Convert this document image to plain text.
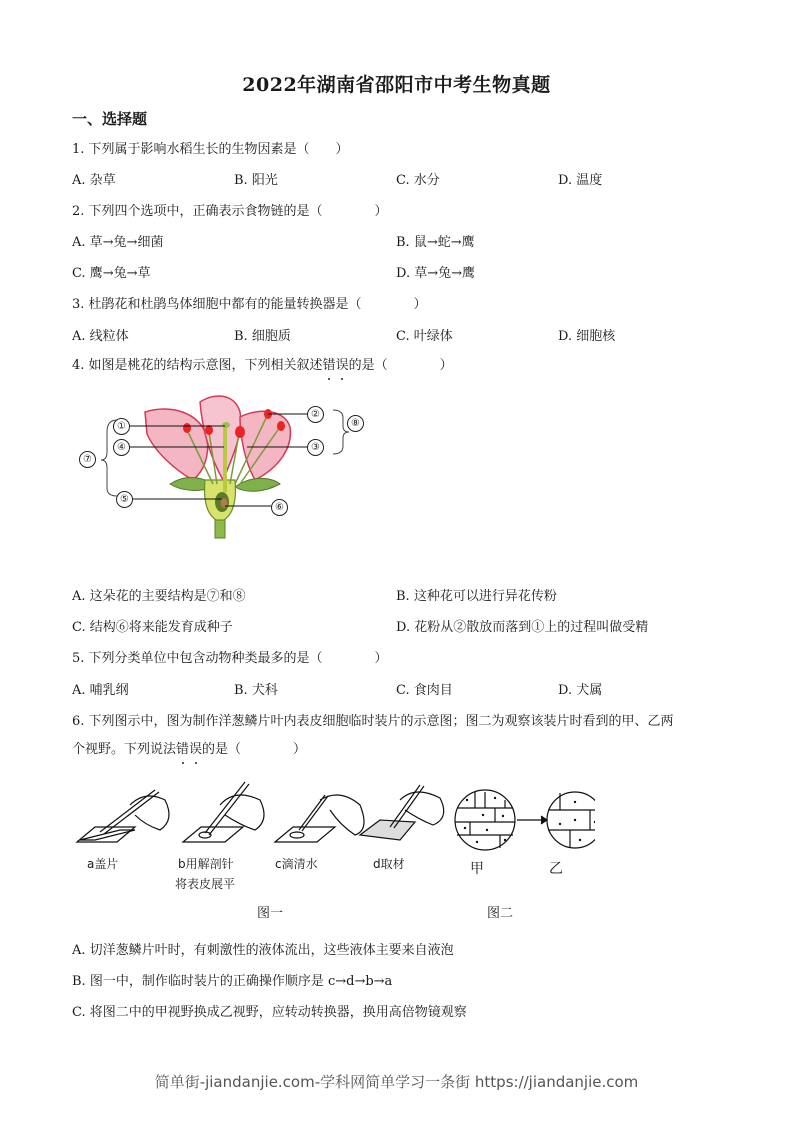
2022年湖南省邵阳市中考生物真题
一、选择题
1. 下列属于影响水稻生长的生物因素是（　　）
A. 杂草	B. 阳光	C. 水分	D. 温度
2. 下列四个选项中，正确表示食物链的是（　　　　）
A. 草→兔→细菌	B. 鼠→蛇→鹰
C. 鹰→兔→草	D. 草→兔→鹰
3. 杜鹃花和杜鹃鸟体细胞中都有的能量转换器是（　　　　）
A. 线粒体	B. 细胞质	C. 叶绿体	D. 细胞核
4. 如图是桃花的结构示意图，下列相关叙述错误的是（　　　　）
①
②
③
④
⑤
⑥
⑦
⑧
A. 这朵花的主要结构是⑦和⑧	B. 这种花可以进行异花传粉
C. 结构⑥将来能发育成种子	D. 花粉从②散放而落到①上的过程叫做受精
5. 下列分类单位中包含动物种类最多的是（　　　　）
A. 哺乳纲	B. 犬科	C. 食肉目	D. 犬属
6. 下列图示中，图为制作洋葱鳞片叶内表皮细胞临时装片的示意图；图二为观察该装片时看到的甲、乙两
个视野。下列说法错误的是（　　　　）
a盖片	b用解剖针
将表皮展平
c滴清水	d取材	甲	乙
图一	图二
A. 切洋葱鳞片叶时，有刺激性的液体流出，这些液体主要来自液泡
B. 图一中，制作临时装片的正确操作顺序是 c→d→b→a
C. 将图二中的甲视野换成乙视野，应转动转换器，换用高倍物镜观察
简单街-jiandanjie.com-学科网简单学习一条街 https://jiandanjie.com
